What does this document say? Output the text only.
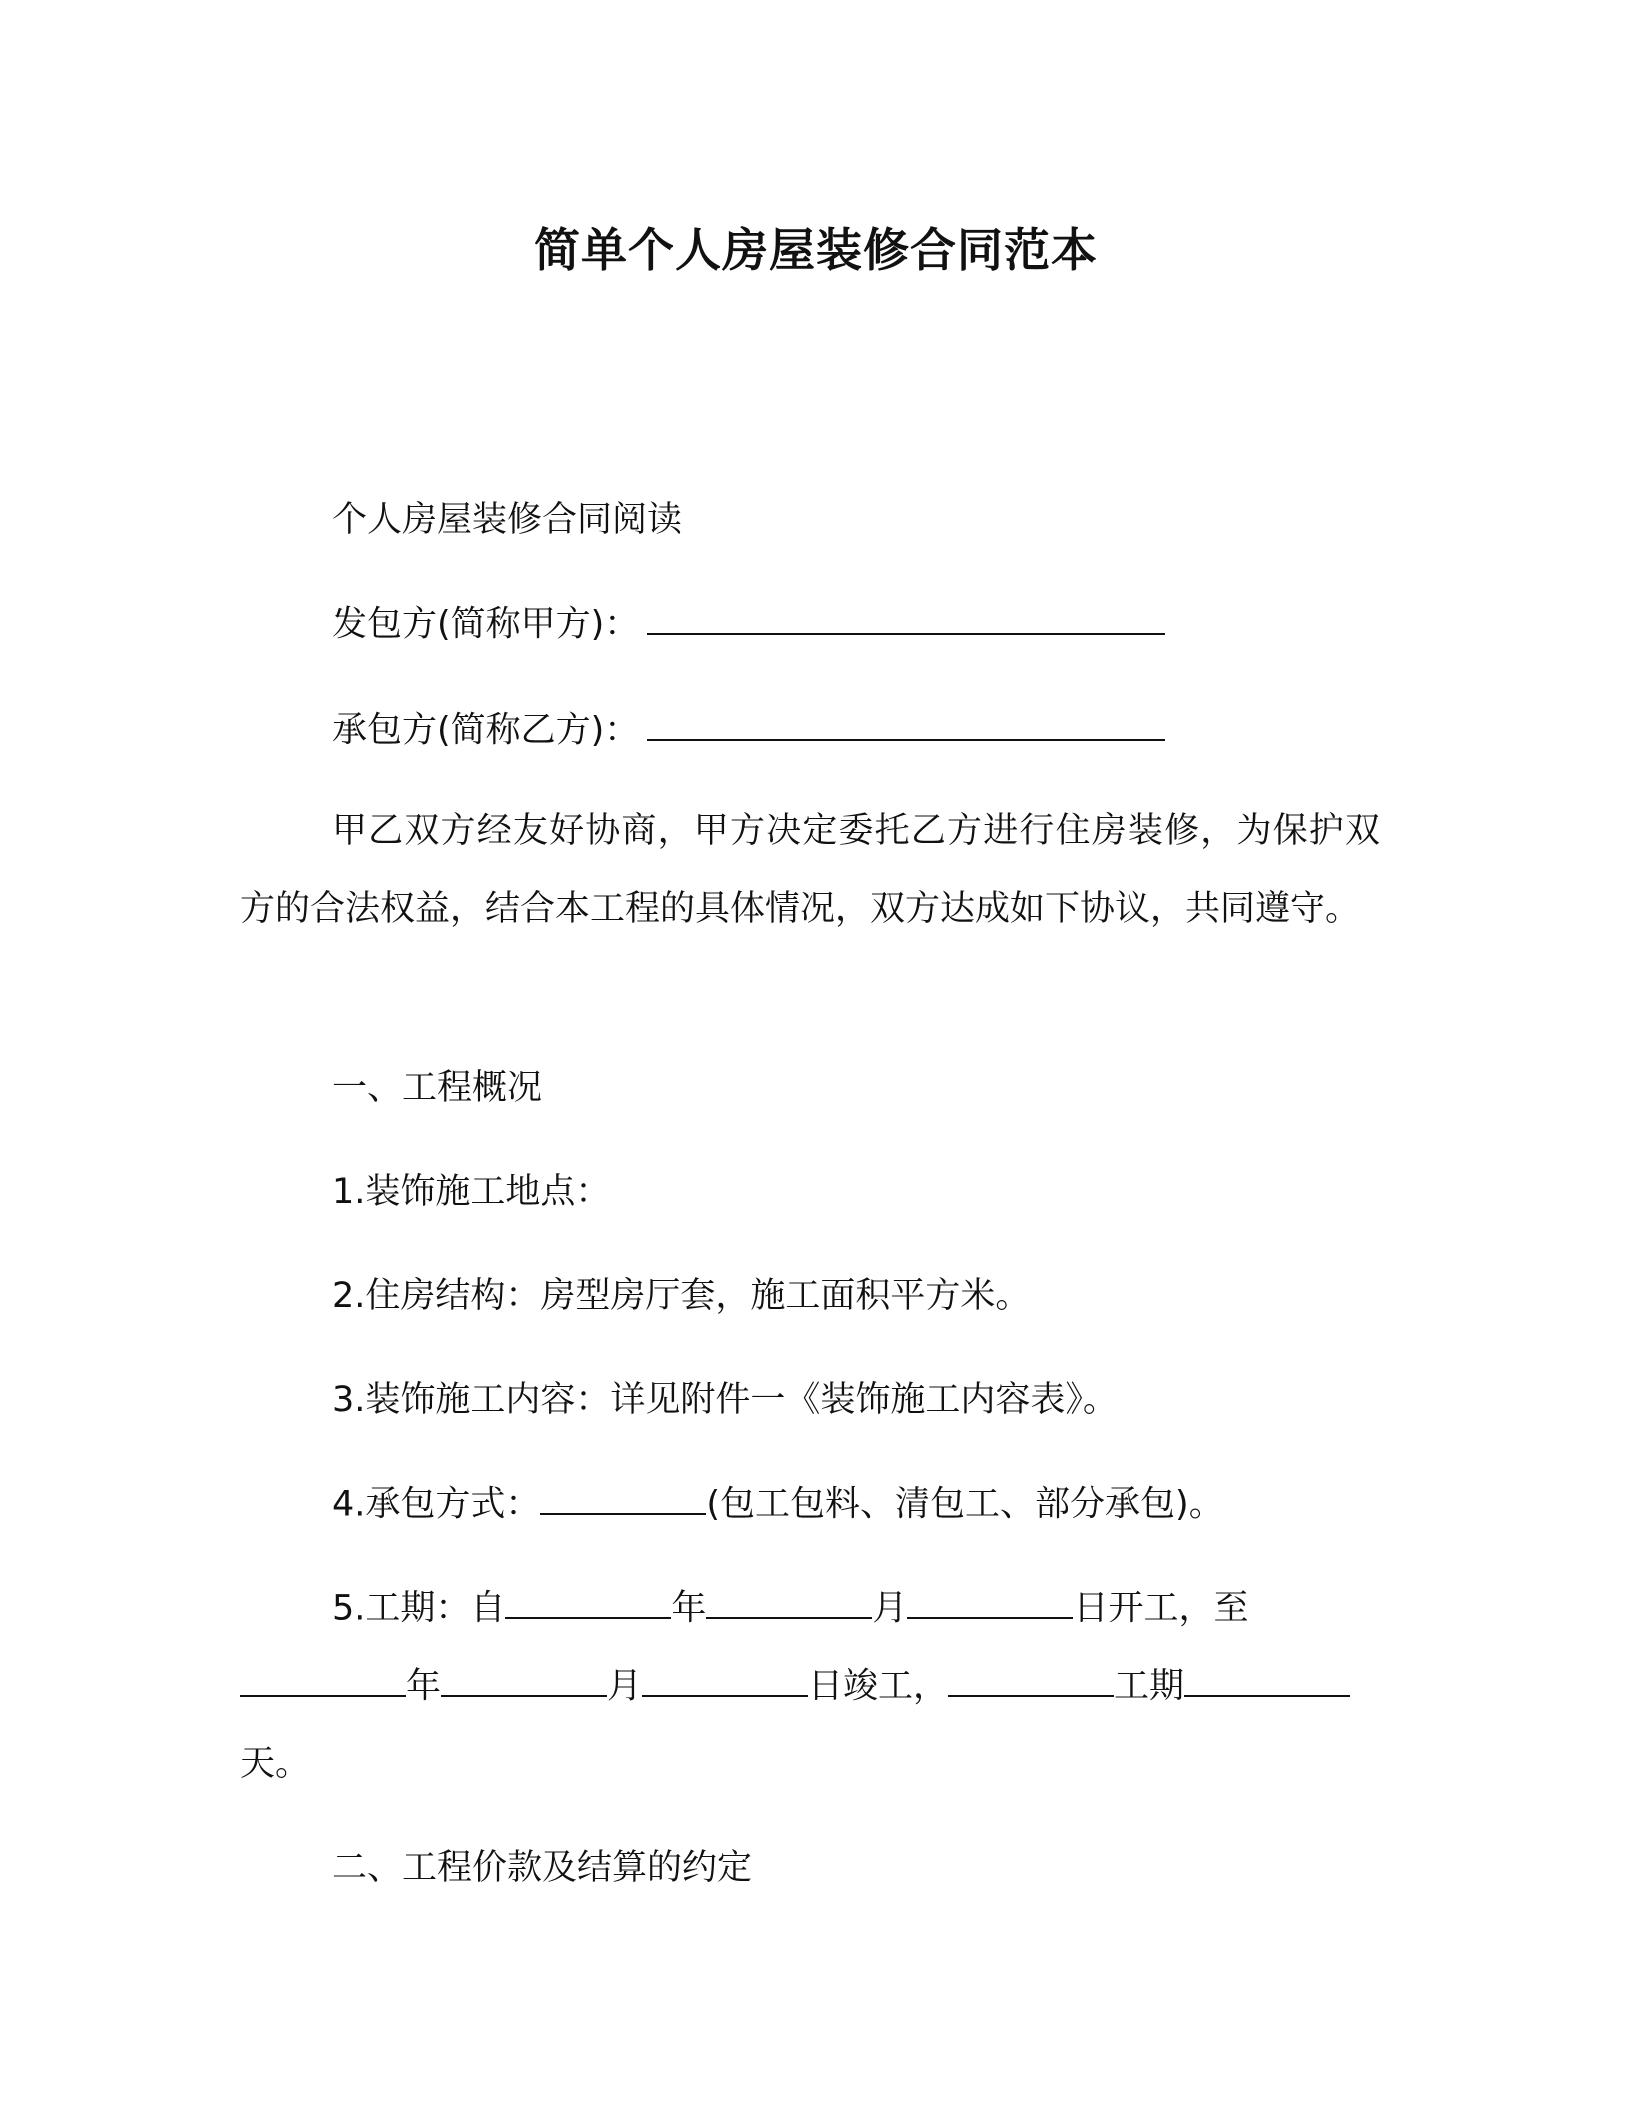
简单个人房屋装修合同范本
个人房屋装修合同阅读
发包方(简称甲方)：
承包方(简称乙方)：
甲乙双方经友好协商，甲方决定委托乙方进行住房装修，为保护双方的合法权益，结合本工程的具体情况，双方达成如下协议，共同遵守。
一、工程概况
1.装饰施工地点：
2.住房结构：房型房厅套，施工面积平方米。
3.装饰施工内容：详见附件一《装饰施工内容表》。
4.承包方式：	(包工包料、清包工、部分承包)。
5.工期：自	年	月	日开工，至
年	月	日竣工，	工期
天。
二、工程价款及结算的约定
